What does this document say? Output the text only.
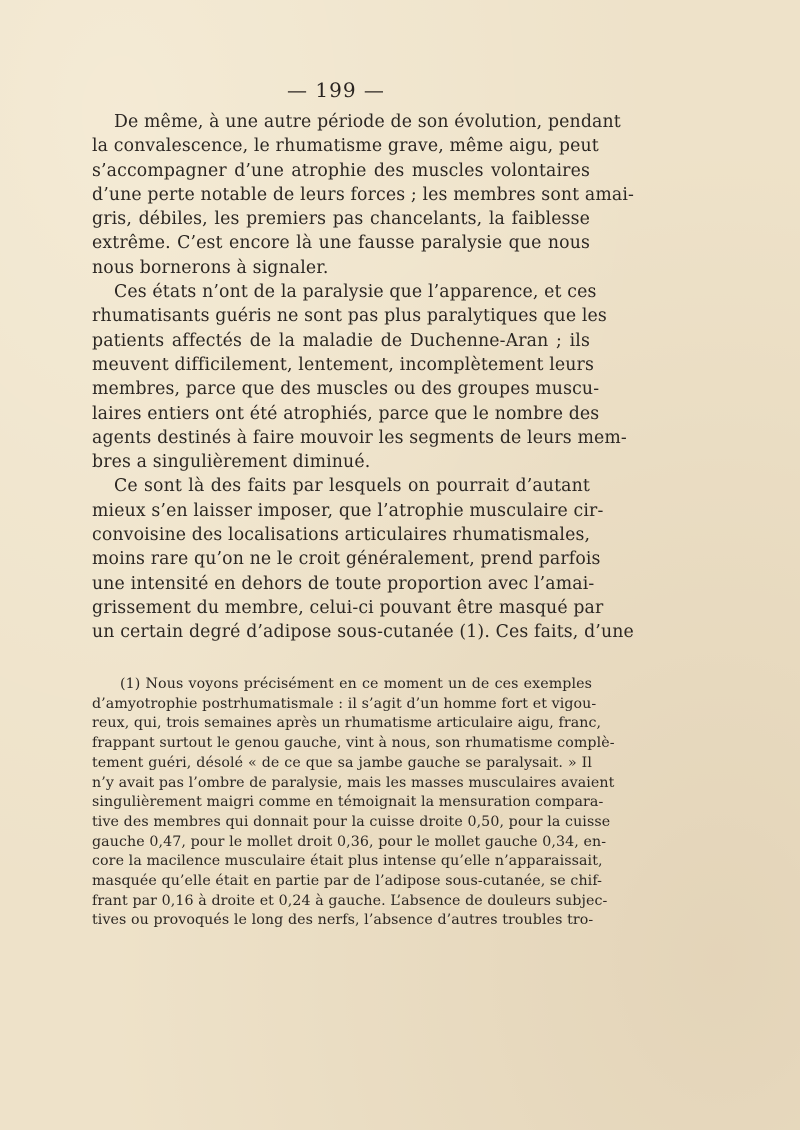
— 199 —
De même, à une autre période de son évolution, pendant
la convalescence, le rhumatisme grave, même aigu, peut
s’accompagner d’une atrophie des muscles volontaires
d’une perte notable de leurs forces ; les membres sont amai-
gris, débiles, les premiers pas chancelants, la faiblesse
extrême. C’est encore là une fausse paralysie que nous
nous bornerons à signaler.
Ces états n’ont de la paralysie que l’apparence, et ces
rhumatisants guéris ne sont pas plus paralytiques que les
patients affectés de la maladie de Duchenne-Aran ; ils
meuvent difficilement, lentement, incomplètement leurs
membres, parce que des muscles ou des groupes muscu-
laires entiers ont été atrophiés, parce que le nombre des
agents destinés à faire mouvoir les segments de leurs mem-
bres a singulièrement diminué.
Ce sont là des faits par lesquels on pourrait d’autant
mieux s’en laisser imposer, que l’atrophie musculaire cir-
convoisine des localisations articulaires rhumatismales,
moins rare qu’on ne le croit généralement, prend parfois
une intensité en dehors de toute proportion avec l’amai-
grissement du membre, celui-ci pouvant être masqué par
un certain degré d’adipose sous-cutanée (1). Ces faits, d’une
(1) Nous voyons précisément en ce moment un de ces exemples
d’amyotrophie postrhumatismale : il s’agit d’un homme fort et vigou-
reux, qui, trois semaines après un rhumatisme articulaire aigu, franc,
frappant surtout le genou gauche, vint à nous, son rhumatisme complè-
tement guéri, désolé « de ce que sa jambe gauche se paralysait. » Il
n’y avait pas l’ombre de paralysie, mais les masses musculaires avaient
singulièrement maigri comme en témoignait la mensuration compara-
tive des membres qui donnait pour la cuisse droite 0,50, pour la cuisse
gauche 0,47, pour le mollet droit 0,36, pour le mollet gauche 0,34, en-
core la macilence musculaire était plus intense qu’elle n’apparaissait,
masquée qu’elle était en partie par de l’adipose sous-cutanée, se chif-
frant par 0,16 à droite et 0,24 à gauche. L’absence de douleurs subjec-
tives ou provoqués le long des nerfs, l’absence d’autres troubles tro-
